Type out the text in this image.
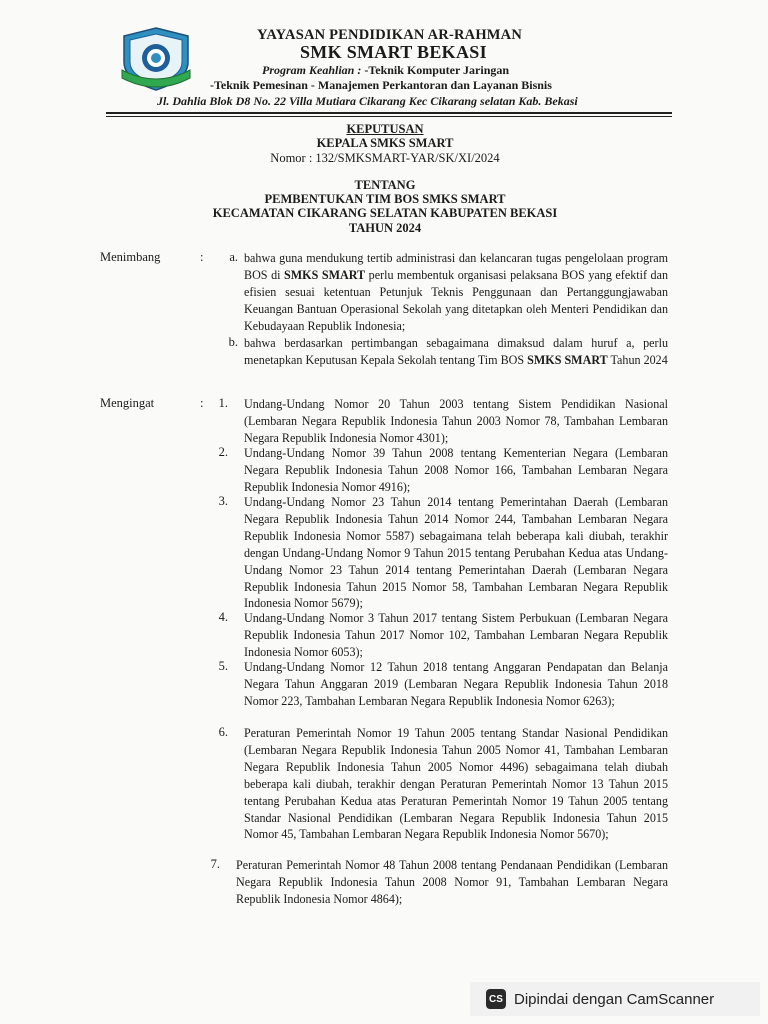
YAYASAN PENDIDIKAN AR-RAHMAN
SMK SMART BEKASI
Program Keahlian : -Teknik Komputer Jaringan
-Teknik Pemesinan - Manajemen Perkantoran dan Layanan Bisnis
Jl. Dahlia Blok D8 No. 22 Villa Mutiara Cikarang Kec Cikarang selatan Kab. Bekasi
KEPUTUSAN
KEPALA SMKS SMART
Nomor : 132/SMKSMART-YAR/SK/XI/2024
TENTANG
PEMBENTUKAN TIM BOS SMKS SMART
KECAMATAN CIKARANG SELATAN KABUPATEN BEKASI
TAHUN 2024
Menimbang	:	a. bahwa guna mendukung tertib administrasi dan kelancaran tugas pengelolaan program BOS di SMKS SMART perlu membentuk organisasi pelaksana BOS yang efektif dan efisien sesuai ketentuan Petunjuk Teknis Penggunaan dan Pertanggungjawaban Keuangan Bantuan Operasional Sekolah yang ditetapkan oleh Menteri Pendidikan dan Kebudayaan Republik Indonesia;
b. bahwa berdasarkan pertimbangan sebagaimana dimaksud dalam huruf a, perlu menetapkan Keputusan Kepala Sekolah tentang Tim BOS SMKS SMART Tahun 2024
Mengingat	:	1. Undang-Undang Nomor 20 Tahun 2003 tentang Sistem Pendidikan Nasional (Lembaran Negara Republik Indonesia Tahun 2003 Nomor 78, Tambahan Lembaran Negara Republik Indonesia Nomor 4301);
2. Undang-Undang Nomor 39 Tahun 2008 tentang Kementerian Negara (Lembaran Negara Republik Indonesia Tahun 2008 Nomor 166, Tambahan Lembaran Negara Republik Indonesia Nomor 4916);
3. Undang-Undang Nomor 23 Tahun 2014 tentang Pemerintahan Daerah (Lembaran Negara Republik Indonesia Tahun 2014 Nomor 244, Tambahan Lembaran Negara Republik Indonesia Nomor 5587) sebagaimana telah beberapa kali diubah, terakhir dengan Undang-Undang Nomor 9 Tahun 2015 tentang Perubahan Kedua atas Undang-Undang Nomor 23 Tahun 2014 tentang Pemerintahan Daerah (Lembaran Negara Republik Indonesia Tahun 2015 Nomor 58, Tambahan Lembaran Negara Republik Indonesia Nomor 5679);
4. Undang-Undang Nomor 3 Tahun 2017 tentang Sistem Perbukuan (Lembaran Negara Republik Indonesia Tahun 2017 Nomor 102, Tambahan Lembaran Negara Republik Indonesia Nomor 6053);
5. Undang-Undang Nomor 12 Tahun 2018 tentang Anggaran Pendapatan dan Belanja Negara Tahun Anggaran 2019 (Lembaran Negara Republik Indonesia Tahun 2018 Nomor 223, Tambahan Lembaran Negara Republik Indonesia Nomor 6263);
6. Peraturan Pemerintah Nomor 19 Tahun 2005 tentang Standar Nasional Pendidikan (Lembaran Negara Republik Indonesia Tahun 2005 Nomor 41, Tambahan Lembaran Negara Republik Indonesia Tahun 2005 Nomor 4496) sebagaimana telah diubah beberapa kali diubah, terakhir dengan Peraturan Pemerintah Nomor 13 Tahun 2015 tentang Perubahan Kedua atas Peraturan Pemerintah Nomor 19 Tahun 2005 tentang Standar Nasional Pendidikan (Lembaran Negara Republik Indonesia Tahun 2015 Nomor 45, Tambahan Lembaran Negara Republik Indonesia Nomor 5670);
7. Peraturan Pemerintah Nomor 48 Tahun 2008 tentang Pendanaan Pendidikan (Lembaran Negara Republik Indonesia Tahun 2008 Nomor 91, Tambahan Lembaran Negara Republik Indonesia Nomor 4864);
CS Dipindai dengan CamScanner
